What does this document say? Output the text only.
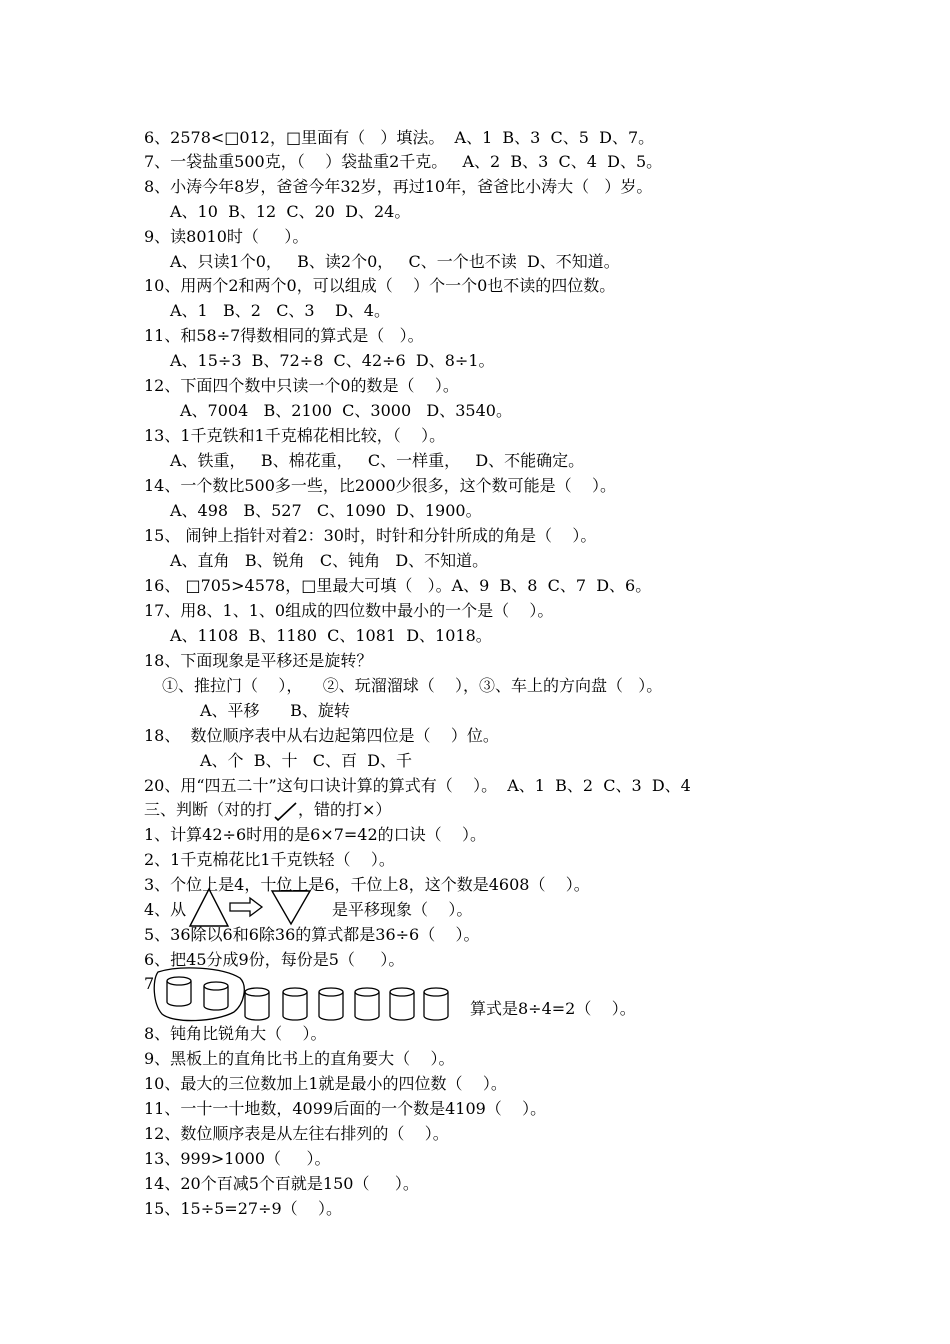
6、2578<□012，□里面有（   ）填法。  A、1  B、3  C、5  D、7。
7、一袋盐重500克，（    ）袋盐重2千克。   A、2  B、3  C、4  D、5。
8、小涛今年8岁，爸爸今年32岁，再过10年，爸爸比小涛大（   ）岁。
A、10  B、12  C、20  D、24。
9、读8010时（     ）。
A、只读1个0，   B、读2个0，   C、一个也不读  D、不知道。
10、用两个2和两个0，可以组成（    ）个一个0也不读的四位数。
A、1   B、2   C、3    D、4。
11、和58÷7得数相同的算式是（   ）。
A、15÷3  B、72÷8  C、42÷6  D、8÷1。
12、下面四个数中只读一个0的数是（    ）。
A、7004   B、2100  C、3000   D、3540。
13、1千克铁和1千克棉花相比较，（    ）。
A、铁重，   B、棉花重，   C、一样重，   D、不能确定。
14、一个数比500多一些，比2000少很多，这个数可能是（    ）。
A、498   B、527   C、1090  D、1900。
15、 闹钟上指针对着2：30时，时针和分针所成的角是（    ）。
A、直角   B、锐角   C、钝角   D、不知道。
16、 □705>4578，□里最大可填（   ）。A、9  B、8  C、7  D、6。
17、用8、1、1、0组成的四位数中最小的一个是（    ）。
A、1108  B、1180  C、1081  D、1018。
18、下面现象是平移还是旋转？
①、推拉门（    ），    ②、玩溜溜球（    ），③、车上的方向盘（   ）。
A、平移      B、旋转
18、  数位顺序表中从右边起第四位是（    ）位。
A、个  B、十   C、百  D、千
20、用“四五二十”这句口诀计算的算式有（    ）。  A、1  B、2  C、3  D、4
三、判断（对的打 ，错的打×）
1、计算42÷6时用的是6×7=42的口诀（    ）。
2、1千克棉花比1千克铁轻（    ）。
3、个位上是4，十位上是6，千位上8，这个数是4608（    ）。
4、从	是平移现象（    ）。
5、36除以6和6除36的算式都是36÷6（    ）。
6、把45分成9份，每份是5（     ）。
7
算式是8÷4=2（    ）。
8、钝角比锐角大（    ）。
9、黑板上的直角比书上的直角要大（    ）。
10、最大的三位数加上1就是最小的四位数（    ）。
11、一十一十地数，4099后面的一个数是4109（    ）。
12、数位顺序表是从左往右排列的（    ）。
13、999>1000（     ）。
14、20个百减5个百就是150（     ）。
15、15÷5=27÷9（    ）。
